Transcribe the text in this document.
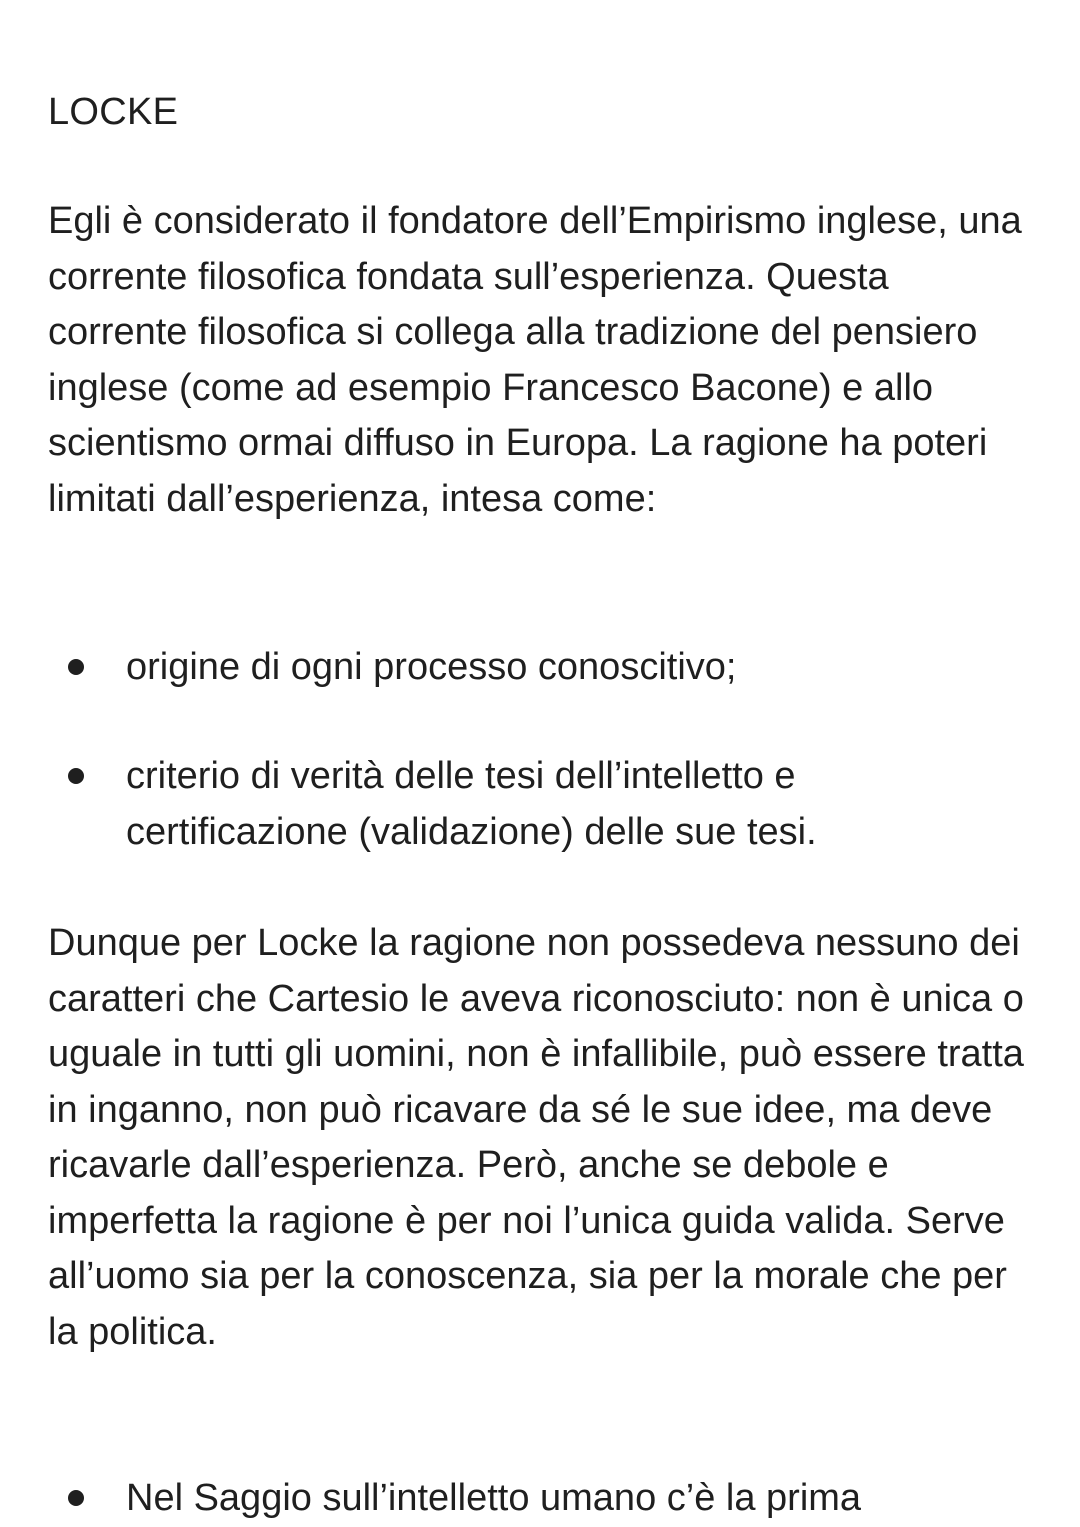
LOCKE

Egli è considerato il fondatore dell’Empirismo inglese, una corrente filosofica fondata sull’esperienza. Questa corrente filosofica si collega alla tradizione del pensiero inglese (come ad esempio Francesco Bacone) e allo scientismo ormai diffuso in Europa. La ragione ha poteri limitati dall’esperienza, intesa come:

origine di ogni processo conoscitivo;
criterio di verità delle tesi dell’intelletto e certificazione (validazione) delle sue tesi.

Dunque per Locke la ragione non possedeva nessuno dei caratteri che Cartesio le aveva riconosciuto: non è unica o uguale in tutti gli uomini, non è infallibile, può essere tratta in inganno, non può ricavare da sé le sue idee, ma deve ricavarle dall’esperienza. Però, anche se debole e imperfetta la ragione è per noi l’unica guida valida. Serve all’uomo sia per la conoscenza, sia per la morale che per la politica.

Nel Saggio sull’intelletto umano c’è la prima
